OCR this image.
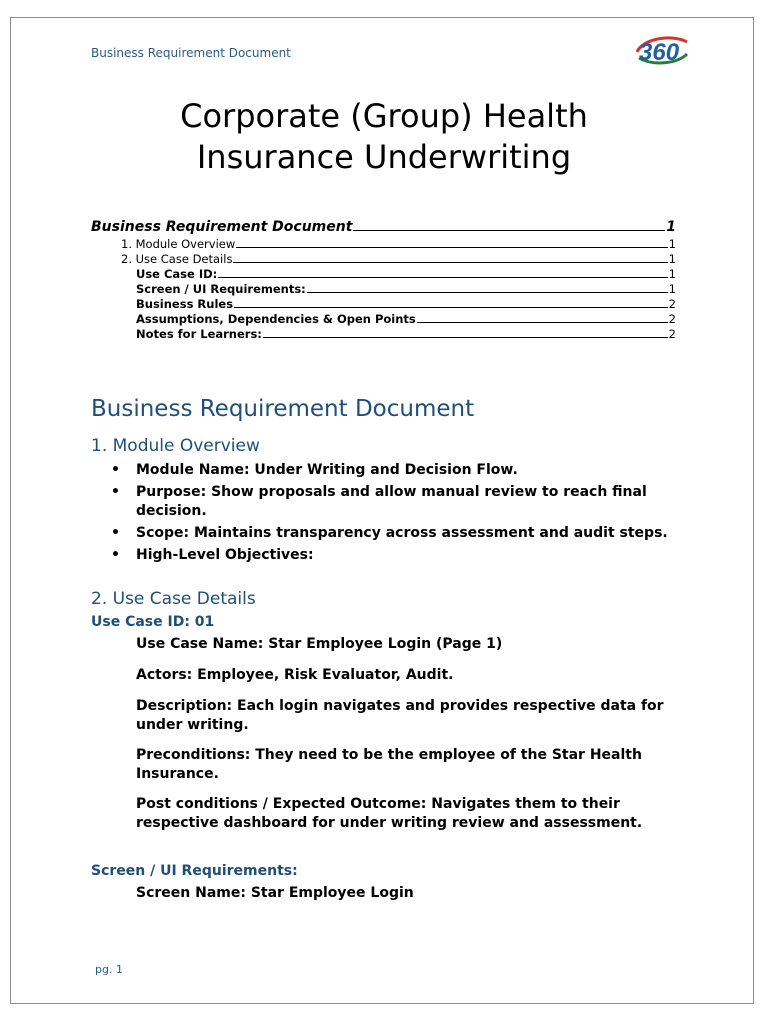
Business Requirement Document	360
Corporate (Group) Health
Insurance Underwriting
Business Requirement Document	1
1. Module Overview	1
2. Use Case Details	1
Use Case ID:	1
Screen / UI Requirements:	1
Business Rules	2
Assumptions, Dependencies & Open Points	2
Notes for Learners:	2
Business Requirement Document
1. Module Overview
• Module Name: Under Writing and Decision Flow.
• Purpose: Show proposals and allow manual review to reach final decision.
• Scope: Maintains transparency across assessment and audit steps.
• High-Level Objectives:
2. Use Case Details
Use Case ID: 01
Use Case Name: Star Employee Login (Page 1)
Actors: Employee, Risk Evaluator, Audit.
Description: Each login navigates and provides respective data for under writing.
Preconditions: They need to be the employee of the Star Health Insurance.
Post conditions / Expected Outcome: Navigates them to their respective dashboard for under writing review and assessment.
Screen / UI Requirements:
Screen Name: Star Employee Login
pg. 1
